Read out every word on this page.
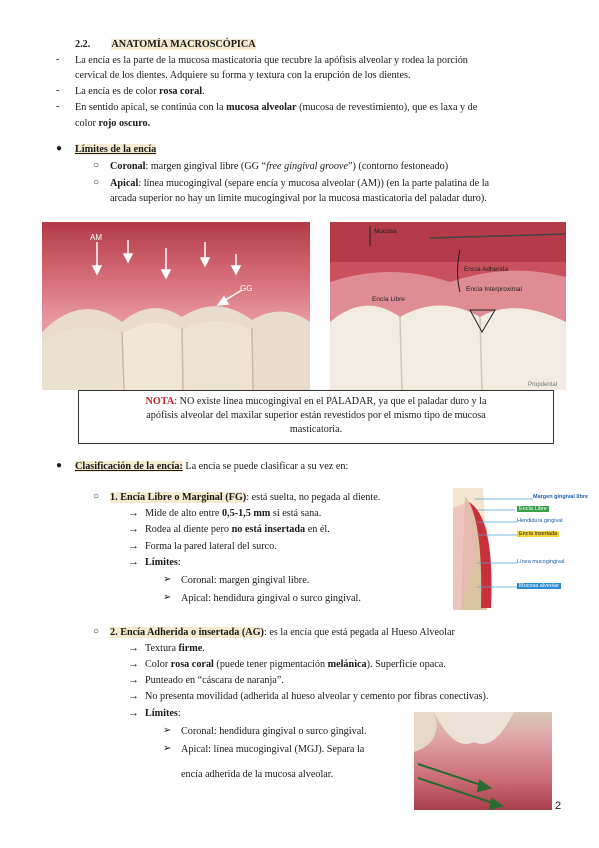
2.2. ANATOMÍA MACROSCÓPICA
- La encía es la parte de la mucosa masticatoria que recubre la apófisis alveolar y rodea la porción
cervical de los dientes. Adquiere su forma y textura con la erupción de los dientes.
- La encía es de color rosa coral.
- En sentido apical, se continúa con la mucosa alveolar (mucosa de revestimiento), que es laxa y de
color rojo oscuro.
● Límites de la encía
○ Coronal: margen gingival libre (GG “free gingival groove”) (contorno festoneado)
○ Apical: línea mucogingival (separe encía y mucosa alveolar (AM)) (en la parte palatina de la
arcada superior no hay un límite mucogingival por la mucosa masticatoria del paladar duro).
AM
GG
Mucosa
Encía Adherida
Encía Interproximal
Encía Libre
Propdental
NOTA: NO existe línea mucogingival en el PALADAR, ya que el paladar duro y la
apófisis alveolar del maxilar superior están revestidos por el mismo tipo de mucosa
masticatoria.
● Clasificación de la encía: La encía se puede clasificar a su vez en:
○ 1. Encía Libre o Marginal (FG): está suelta, no pegada al diente.
→ Mide de alto entre 0,5-1,5 mm si está sana.
→ Rodea al diente pero no está insertada en él.
→ Forma la pared lateral del surco.
→ Límites:
➢ Coronal: margen gingival libre.
➢ Apical: hendidura gingival o surco gingival.
Margen gingival libre
Encía Libre
Hendidura gingival
Encía insertada
Línea mucogingival
Mucosa alveolar
○ 2. Encía Adherida o insertada (AG): es la encía que está pegada al Hueso Alveolar
→ Textura firme.
→ Color rosa coral (puede tener pigmentación melánica). Superficie opaca.
→ Punteado en “cáscara de naranja”.
→ No presenta movilidad (adherida al hueso alveolar y cemento por fibras conectivas).
→ Límites:
➢ Coronal: hendidura gingival o surco gingival.
➢ Apical: línea mucogingival (MGJ). Separa la
encía adherida de la mucosa alveolar.
2
